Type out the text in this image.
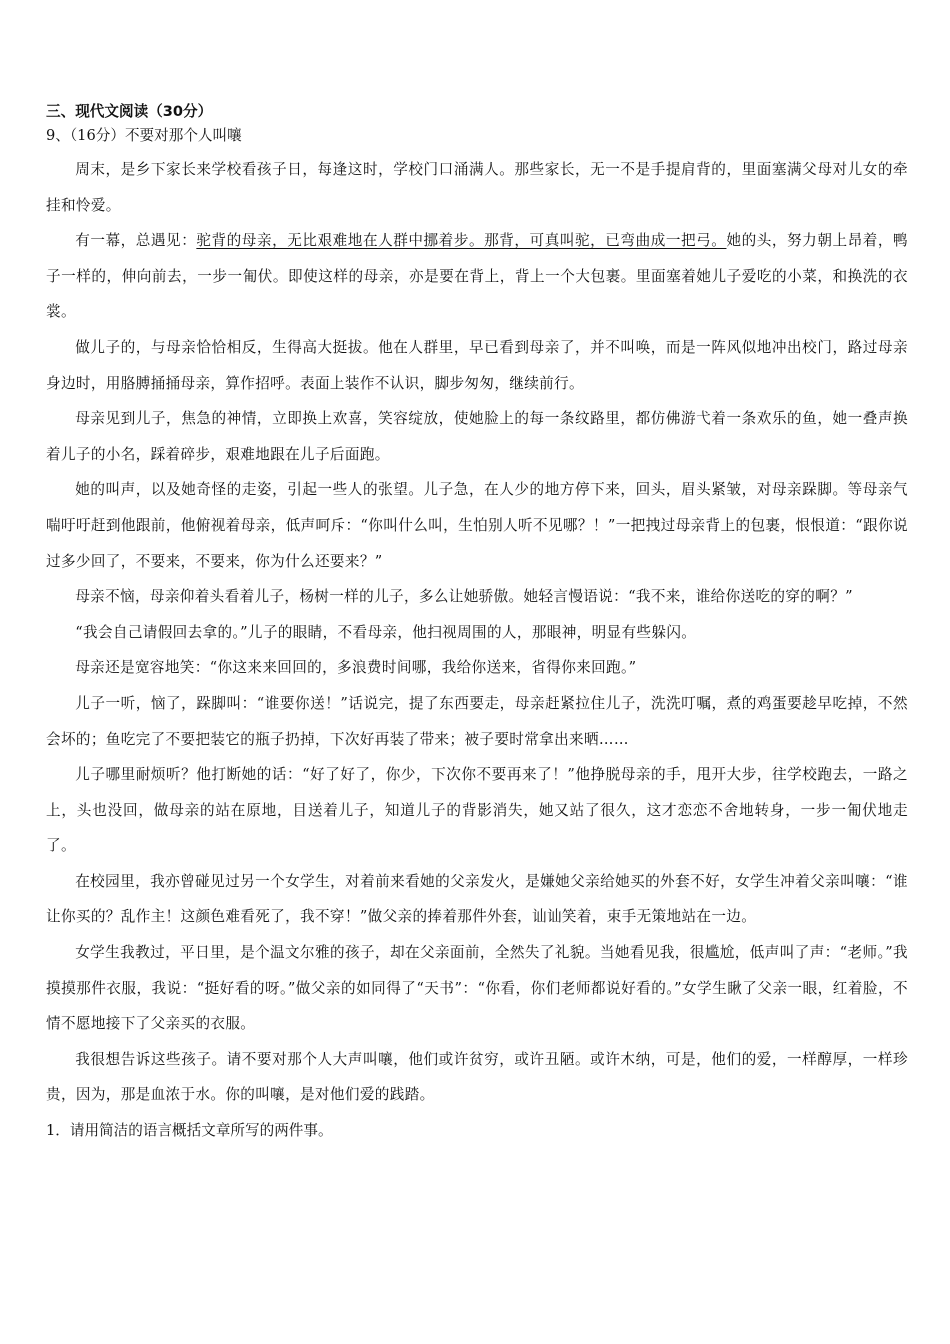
三、现代文阅读（30分）

9、（16分）不要对那个人叫嚷

周末，是乡下家长来学校看孩子日，每逢这时，学校门口涌满人。那些家长，无一不是手提肩背的，里面塞满父母对儿女的牵挂和怜爱。

有一幕，总遇见：驼背的母亲，无比艰难地在人群中挪着步。那背，可真叫驼，已弯曲成一把弓。她的头，努力朝上昂着，鸭子一样的，伸向前去，一步一匍伏。即使这样的母亲，亦是要在背上，背上一个大包裹。里面塞着她儿子爱吃的小菜，和换洗的衣裳。

做儿子的，与母亲恰恰相反，生得高大挺拔。他在人群里，早已看到母亲了，并不叫唤，而是一阵风似地冲出校门，路过母亲身边时，用胳膊捅捅母亲，算作招呼。表面上装作不认识，脚步匆匆，继续前行。

母亲见到儿子，焦急的神情，立即换上欢喜，笑容绽放，使她脸上的每一条纹路里，都仿佛游弋着一条欢乐的鱼，她一叠声换着儿子的小名，踩着碎步，艰难地跟在儿子后面跑。

她的叫声，以及她奇怪的走姿，引起一些人的张望。儿子急，在人少的地方停下来，回头，眉头紧皱，对母亲跺脚。等母亲气喘吁吁赶到他跟前，他俯视着母亲，低声呵斥：“你叫什么叫，生怕别人听不见哪？！”一把拽过母亲背上的包裹，恨恨道：“跟你说过多少回了，不要来，不要来，你为什么还要来？”

母亲不恼，母亲仰着头看着儿子，杨树一样的儿子，多么让她骄傲。她轻言慢语说：“我不来，谁给你送吃的穿的啊？”

“我会自己请假回去拿的。”儿子的眼睛，不看母亲，他扫视周围的人，那眼神，明显有些躲闪。

母亲还是宽容地笑：“你这来来回回的，多浪费时间哪，我给你送来，省得你来回跑。”

儿子一听，恼了，跺脚叫：“谁要你送！”话说完，提了东西要走，母亲赶紧拉住儿子，洗洗叮嘱，煮的鸡蛋要趁早吃掉，不然会坏的；鱼吃完了不要把装它的瓶子扔掉，下次好再装了带来；被子要时常拿出来晒……

儿子哪里耐烦听？他打断她的话：“好了好了，你少，下次你不要再来了！”他挣脱母亲的手，甩开大步，往学校跑去，一路之上，头也没回，做母亲的站在原地，目送着儿子，知道儿子的背影消失，她又站了很久，这才恋恋不舍地转身，一步一匍伏地走了。

在校园里，我亦曾碰见过另一个女学生，对着前来看她的父亲发火，是嫌她父亲给她买的外套不好，女学生冲着父亲叫嚷：“谁让你买的？乱作主！这颜色难看死了，我不穿！”做父亲的捧着那件外套，讪讪笑着，束手无策地站在一边。

女学生我教过，平日里，是个温文尔雅的孩子，却在父亲面前，全然失了礼貌。当她看见我，很尴尬，低声叫了声：“老师。”我摸摸那件衣服，我说：“挺好看的呀。”做父亲的如同得了“天书”：“你看，你们老师都说好看的。”女学生瞅了父亲一眼，红着脸，不情不愿地接下了父亲买的衣服。

我很想告诉这些孩子。请不要对那个人大声叫嚷，他们或许贫穷，或许丑陋。或许木纳，可是，他们的爱，一样醇厚，一样珍贵，因为，那是血浓于水。你的叫嚷，是对他们爱的践踏。

1．请用简洁的语言概括文章所写的两件事。
